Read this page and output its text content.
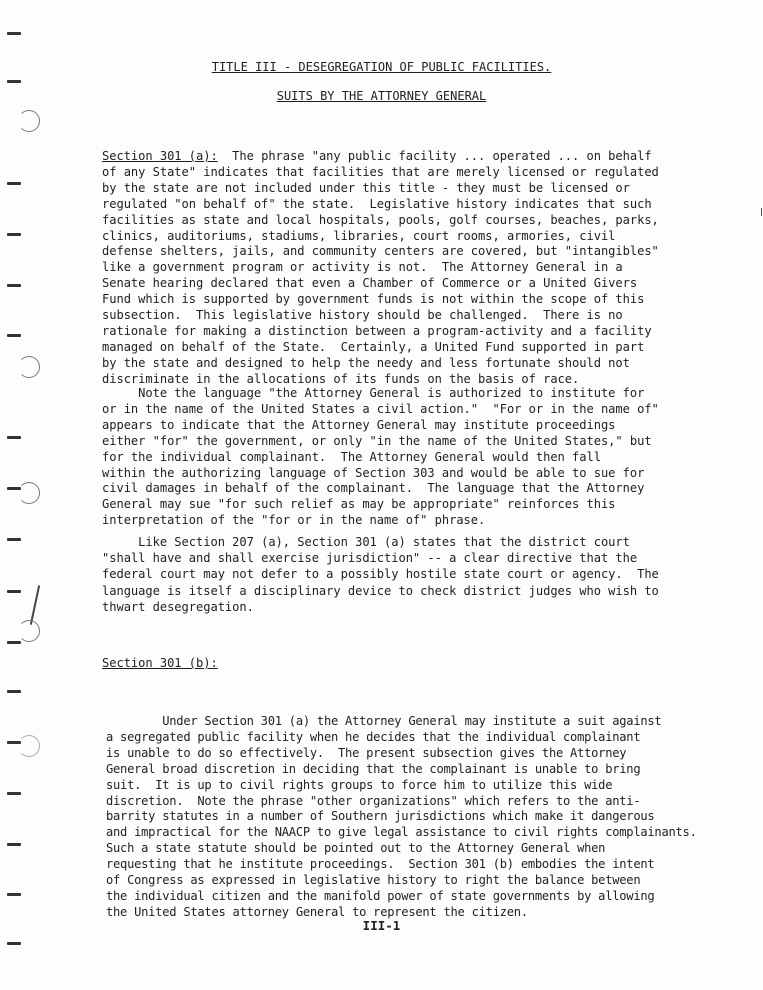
TITLE III - DESEGREGATION OF PUBLIC FACILITIES.
SUITS BY THE ATTORNEY GENERAL
Section 301 (a):  The phrase "any public facility ... operated ... on behalf
of any State" indicates that facilities that are merely licensed or regulated
by the state are not included under this title - they must be licensed or
regulated "on behalf of" the state.  Legislative history indicates that such
facilities as state and local hospitals, pools, golf courses, beaches, parks,
clinics, auditoriums, stadiums, libraries, court rooms, armories, civil
defense shelters, jails, and community centers are covered, but "intangibles"
like a government program or activity is not.  The Attorney General in a
Senate hearing declared that even a Chamber of Commerce or a United Givers
Fund which is supported by government funds is not within the scope of this
subsection.  This legislative history should be challenged.  There is no
rationale for making a distinction between a program-activity and a facility
managed on behalf of the State.  Certainly, a United Fund supported in part
by the state and designed to help the needy and less fortunate should not
discriminate in the allocations of its funds on the basis of race.
Note the language "the Attorney General is authorized to institute for
or in the name of the United States a civil action."  "For or in the name of"
appears to indicate that the Attorney General may institute proceedings
either "for" the government, or only "in the name of the United States," but
for the individual complainant.  The Attorney General would then fall
within the authorizing language of Section 303 and would be able to sue for
civil damages in behalf of the complainant.  The language that the Attorney
General may sue "for such relief as may be appropriate" reinforces this
interpretation of the "for or in the name of" phrase.
Like Section 207 (a), Section 301 (a) states that the district court
"shall have and shall exercise jurisdiction" -- a clear directive that the
federal court may not defer to a possibly hostile state court or agency.  The
language is itself a disciplinary device to check district judges who wish to
thwart desegregation.
Section 301 (b):
Under Section 301 (a) the Attorney General may institute a suit against
a segregated public facility when he decides that the individual complainant
is unable to do so effectively.  The present subsection gives the Attorney
General broad discretion in deciding that the complainant is unable to bring
suit.  It is up to civil rights groups to force him to utilize this wide
discretion.  Note the phrase "other organizations" which refers to the anti-
barrity statutes in a number of Southern jurisdictions which make it dangerous
and impractical for the NAACP to give legal assistance to civil rights complainants.
Such a state statute should be pointed out to the Attorney General when
requesting that he institute proceedings.  Section 301 (b) embodies the intent
of Congress as expressed in legislative history to right the balance between
the individual citizen and the manifold power of state governments by allowing
the United States attorney General to represent the citizen.
III-1
